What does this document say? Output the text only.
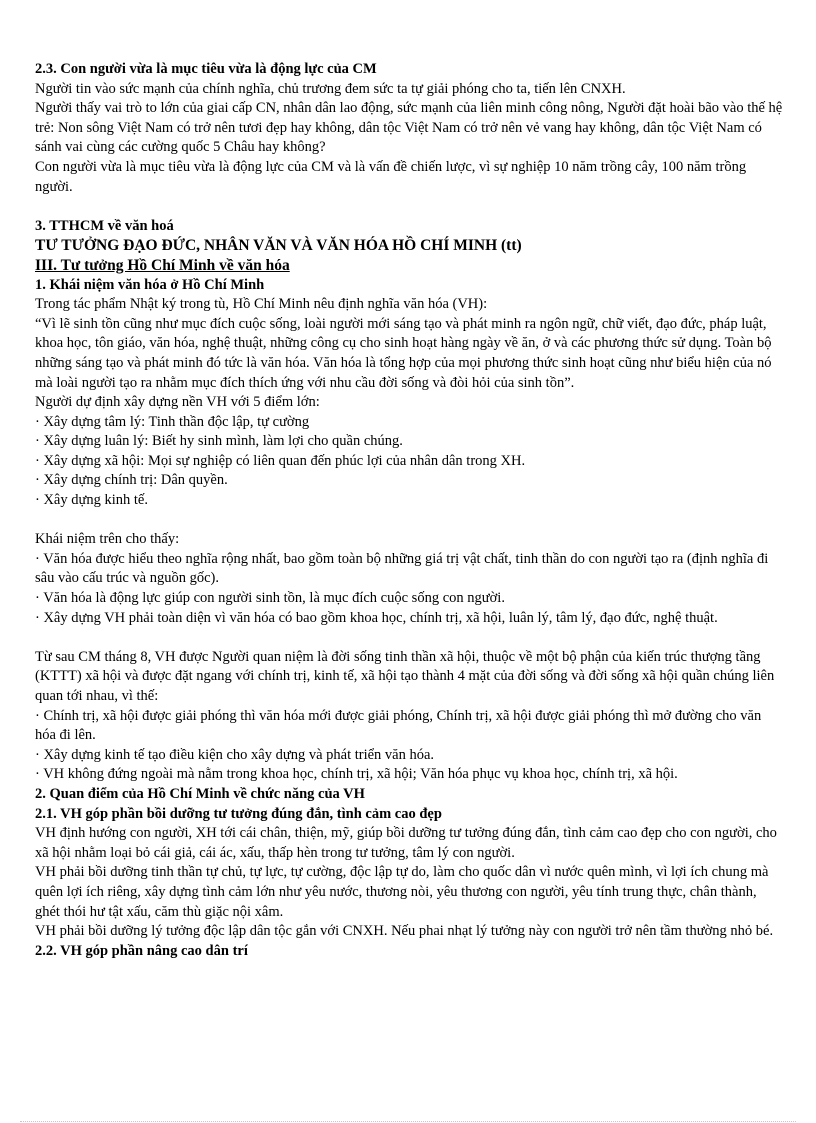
2.3. Con người vừa là mục tiêu vừa là động lực của CM

Người tin vào sức mạnh của chính nghĩa, chủ trương đem sức ta tự giải phóng cho ta, tiến lên CNXH.

Người thấy vai trò to lớn của giai cấp CN, nhân dân lao động, sức mạnh của liên minh công nông, Người đặt hoài bão vào thế hệ trẻ: Non sông Việt Nam có trở nên tươi đẹp hay không, dân tộc Việt Nam có trở nên vẻ vang hay không, dân tộc Việt Nam có sánh vai cùng các cường quốc 5 Châu hay không?

Con người vừa là mục tiêu vừa là động lực của CM và là vấn đề chiến lược, vì sự nghiệp 10 năm trồng cây, 100 năm trồng người.

3. TTHCM về văn hoá

TƯ TƯỞNG ĐẠO ĐỨC, NHÂN VĂN VÀ VĂN HÓA HỒ CHÍ MINH (tt)

III. Tư tưởng Hồ Chí Minh về văn hóa

1. Khái niệm văn hóa ở Hồ Chí Minh

Trong tác phẩm Nhật ký trong tù, Hồ Chí Minh nêu định nghĩa văn hóa (VH):

“Vì lẽ sinh tồn cũng như mục đích cuộc sống, loài người mới sáng tạo và phát minh ra ngôn ngữ, chữ viết, đạo đức, pháp luật, khoa học, tôn giáo, văn hóa, nghệ thuật, những công cụ cho sinh hoạt hàng ngày về ăn, ở và các phương thức sử dụng. Toàn bộ những sáng tạo và phát minh đó tức là văn hóa. Văn hóa là tổng hợp của mọi phương thức sinh hoạt cũng như biểu hiện của nó mà loài người tạo ra nhằm mục đích thích ứng với nhu cầu đời sống và đòi hỏi của sinh tồn”.

Người dự định xây dựng nền VH với 5 điểm lớn:

· Xây dựng tâm lý: Tinh thần độc lập, tự cường

· Xây dựng luân lý: Biết hy sinh mình, làm lợi cho quần chúng.

· Xây dựng xã hội: Mọi sự nghiệp có liên quan đến phúc lợi của nhân dân trong XH.

· Xây dựng chính trị: Dân quyền.

· Xây dựng kinh tế.

Khái niệm trên cho thấy:

· Văn hóa được hiểu theo nghĩa rộng nhất, bao gồm toàn bộ những giá trị vật chất, tinh thần do con người tạo ra (định nghĩa đi sâu vào cấu trúc và nguồn gốc).

· Văn hóa là động lực giúp con người sinh tồn, là mục đích cuộc sống con người.

· Xây dựng VH phải toàn diện vì văn hóa có bao gồm khoa học, chính trị, xã hội, luân lý, tâm lý, đạo đức, nghệ thuật.

Từ sau CM tháng 8, VH được Người quan niệm là đời sống tinh thần xã hội, thuộc về một bộ phận của kiến trúc thượng tầng (KTTT) xã hội và được đặt ngang với chính trị, kinh tế, xã hội tạo thành 4 mặt của đời sống và đời sống xã hội quần chúng liên quan tới nhau, vì thế:

· Chính trị, xã hội được giải phóng thì văn hóa mới được giải phóng, Chính trị, xã hội được giải phóng thì mở đường cho văn hóa đi lên.

· Xây dựng kinh tế tạo điều kiện cho xây dựng và phát triển văn hóa.

· VH không đứng ngoài mà nằm trong khoa học, chính trị, xã hội; Văn hóa phục vụ khoa học, chính trị, xã hội.

2. Quan điểm của Hồ Chí Minh về chức năng của VH

2.1. VH góp phần bồi dưỡng tư tưởng đúng đắn, tình cảm cao đẹp

VH định hướng con người, XH tới cái chân, thiện, mỹ, giúp bồi dưỡng tư tưởng đúng đắn, tình cảm cao đẹp cho con người, cho xã hội nhằm loại bỏ cái giả, cái ác, xấu, thấp hèn trong tư tưởng, tâm lý con người.

VH phải bồi dưỡng tinh thần tự chủ, tự lực, tự cường, độc lập tự do, làm cho quốc dân vì nước quên mình, vì lợi ích chung mà quên lợi ích riêng, xây dựng tình cảm lớn như yêu nước, thương nòi, yêu thương con người, yêu tính trung thực, chân thành, ghét thói hư tật xấu, căm thù giặc nội xâm.

VH phải bồi dưỡng lý tưởng độc lập dân tộc gắn với CNXH. Nếu phai nhạt lý tưởng này con người trở nên tầm thường nhỏ bé.

2.2. VH góp phần nâng cao dân trí
